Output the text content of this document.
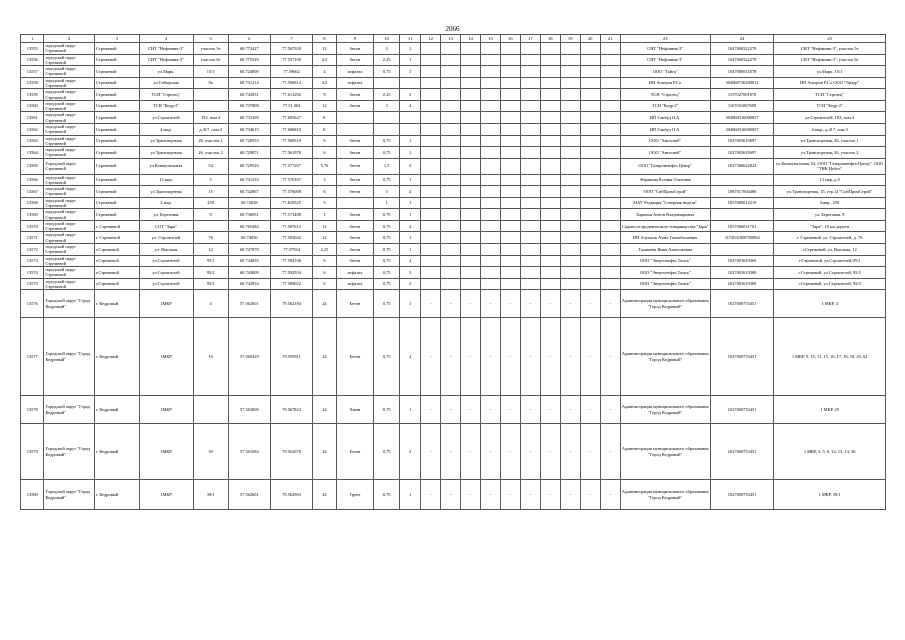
2066
1	2	3	4	5	6	7	8	9	10	11	12	13	14	15	16	17	18	19	20	21	23	24	25
13555	городской округ Стрежевой	Стрежевой	СНТ "Нефтяник-3"	участок 5т	60.773427	77.567920	12	бетон	3	1											СНТ "Нефтяник-3"	1047000322279	СНТ "Нефтяник-3", участок 5т
13556	городской округ Стрежевой	Стрежевой	СНТ "Нефтяник-3"	участок 6т	60.775529	77.557100	4,5	бетон	2,25	1											СНТ "Нефтяник-3"	1047000322279	СНТ "Нефтяник-3", участок 6т
13557	городской округ Стрежевой	Стрежевой	ул.Марк.	15/1	60.724000	77.59662	4	асфальт	0,75	1											ООО "Тайга"	1047000014578	ул.Марк. 15/1
13558	городской округ Стрежевой	Стрежевой	ул.Сибирская	8а	60.731214	77.596814	4,5	асфальт													ИП Аскеров Р.Г.о	304860736200012	ИП Аскеров Р.Г.о ООО "Лидер"
13559	городской округ Стрежевой	Стрежевой	ТСН "Стрелец"		60.742831	77.613292	9	бетон	2,25	3											ТСН "Стрелец"	1157027001878	ТСН "Стрелец"
13560	городской округ Стрежевой	Стрежевой	ТСН "Кедр-2"		60.737808	77.51 063	12	бетон	3	4											ТСН "Кедр-2"	1167031067609	ТСН "Кедр-2"
13561	городской округ Стрежевой	Стрежевой	ул.Строителей	192, пом.4	60.733169	77.605627	Б														ИП Гамбуд О.А.	304860316000057	ул.Строителей, 192, пом.4
13562	городской округ Стрежевой	Стрежевой	4 мкр.	д.417, пом.3	60.734615	77.606810	Б														ИП Гамбуд О.А.	304860316000057	4 мкр., д.417, пом.3
13563	городской округ Стрежевой	Стрежевой	ул.Транспортная	26, участок 1	60.728553	77.560510	6	бетон	0,75	1											ООО "Автоснаб"	1027003619697	ул.Транспортная, 26, участок 1
13564	городской округ Стрежевой	Стрежевой	ул.Транспортная	26, участок 2	60.729871	77.561978	6	бетон	0,75	1											ООО "Автоснаб"	1027003619697	ул.Транспортная, 26, участок 2
13565	Городской округ Стрежевой	Стрежевой	ул.Коммунальная	54	60.729526	77.577267	5,76	бетон	1,5	2											ООО "Газпромнефть Центр"	1027306622824	ул.Коммунальная, 54, ООО "Газпромнефть-Центр", ООО "ТНК Нобел"
13566	городской округ Стрежевой	Стрежевой	13 мкр.	5	60.741233	77.570107	3	бетон	0,75	1											Абрамова Ксения Олеговна		13 мкр.,д.5
13567	городской округ Стрежевой	Стрежевой	ул.Транспортная	15	60.742867	77.576008	6	бетон	3	4											ООО "СибПромСтрой"	1087017004486	ул.Транспортная, 15, стр.12 "СибПромСтрой"
13568	городской округ Стрежевой	Стрежевой	2 мкр.	259	60.72028	77.610525	5		1	1											МАУ Редакция "Северная неделя"	1057000012219	2мкр., 259
13569	городской округ Стрежевой	Стрежевой	ул. Береговая	9	60.736951	77.573488	1	бетон	0,75	1											Баринов Антон Владимирович		ул. Береговая, 9
13570	городской округ Стрежевой	г. Стрежевой	СОТ "Заря"		60.765484	77.587612	12	бетон	0,75	4											Садово-огороднического товарищества "Заря"	1057006031761	"Заря", 18 км дороги
13571	городской округ Стрежевой	г. Стрежевой	ул. Строителей	76	60.74036	77.593042	12	бетон	0,75	1											ИП Алумалк Ахмо Гамзабалаевич	3172031008780064	г. Стрежевой, ул. Строителей, д. 76
13572	городской округ Стрежевой	г.Стрежевой	ул. Высокая	12	60.747879	77.57934	2,25	бетон	0,75	1											Талашева Инна Анатольевна		г.Стрежевой, ул. Высокая, 12
13573	городской округ Стрежевой	г.Стрежевой	ул.Строителей	95/1	60.744055	77.592536	6	бетон	0,75	4											ООО "Энергонефть Томск"	1027001619369	г.Стрежевой, ул.Строителей,95/1
13574	городской округ Стрежевой	г.Стрежевой	ул.Строителей	95/2	60.743009	77.592554	6	асфальт	0,75	3											ООО "Энергонефть Томск"	1027001619369	г.Стрежевой, ул.Строителей, 95/2
13575	городской округ Стрежевой	г.Стрежевой	ул.Строителей	95/3	60.742954	77.589022	6	асфальт	0,75	2											ООО "Энергонефть Томск"	1027001619369	г.Стрежевой, ул.Строителей, 95/3
13576	Городской округ "Город Кедровый"	г. Кедровый	1МКР	4	57.562601	79.562184	24	Бетон	0,75	1	-	-	-	-	-	-	-	-	-	-	Администрация муниципального образования "Город Кедровый"	1027000753451	1 МКР, 4
13577	Городской округ "Город Кедровый"	г. Кедровый	1МКР	16	57.560329	79.559911	24	Бетон	0,75	4	-	-	-	-	-	-	-	-	-	-	Администрация муниципального образования "Город Кедровый"	1027000753451	1 МКР, 9, 10, 11, 15, 16, 17, 18, 19, 20, 62
13578	Городской округ "Город Кедровый"	г. Кедровый	1МКР		57.563000	79.567824	24	Хмин	0,75	1	-	-	-	-	-	-	-	-	-	-	Администрация муниципального образования "Город Кедровый"	1027000753451	1 МКР, 29
13579	Городской округ "Город Кедровый"	г. Кедровый	1МКР	39	57.561684	79.562678	24	Бетон	0,75	3	-	-	-	-	-	-	-	-	-	-	Администрация муниципального образования "Город Кедровый"	1027000753451	1 МКР, 3, 5, 6, 12, 13, 14, 36
13580	Городской округ "Город Кедровый"	г. Кедровый	1МКР	39/1	57.562601	79.562963	24	Грунт	0,75	1	-	-	-	-	-	-	-	-	-	-	Администрация муниципального образования "Город Кедровый"	1027000753451	1 МКР, 39/1
